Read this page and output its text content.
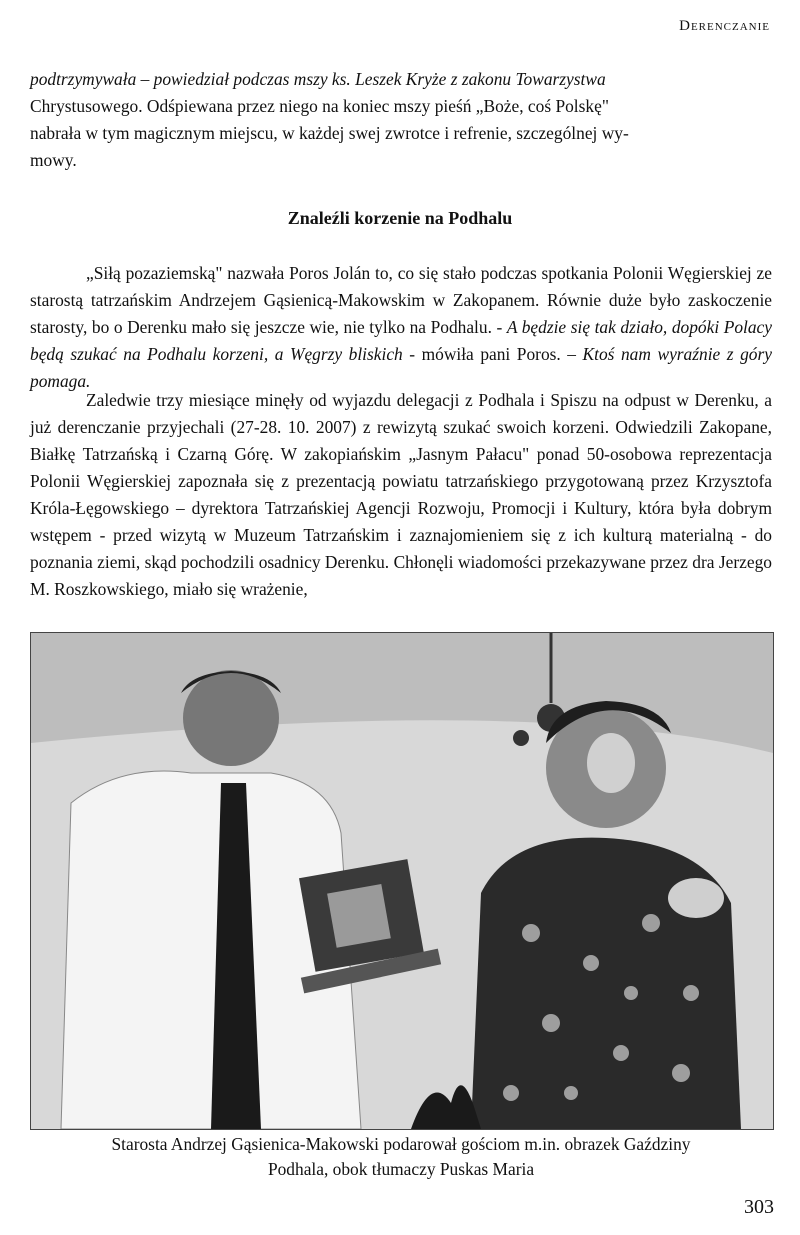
Derenczanie
podtrzymywała – powiedział podczas mszy ks. Leszek Kryże z zakonu Towarzystwa
Chrystusowego. Odśpiewana przez niego na koniec mszy pieśń „Boże, coś Polskę"
nabrała w tym magicznym miejscu, w każdej swej zwrotce i refrenie, szczególnej wy-
mowy.
Znaleźli korzenie na Podhalu
„Siłą pozaziemską" nazwała Poros Jolán to, co się stało podczas spotkania Polonii Węgierskiej ze starostą tatrzańskim Andrzejem Gąsienicą-Makowskim w Zakopanem. Równie duże było zaskoczenie starosty, bo o Derenku mało się jeszcze wie, nie tylko na Podhalu. - A będzie się tak działo, dopóki Polacy będą szukać na Podhalu korzeni, a Węgrzy bliskich - mówiła pani Poros. – Ktoś nam wyraźnie z góry pomaga.
Zaledwie trzy miesiące minęły od wyjazdu delegacji z Podhala i Spiszu na odpust w Derenku, a już derenczanie przyjechali (27-28. 10. 2007) z rewizytą szukać swoich korzeni. Odwiedzili Zakopane, Białkę Tatrzańską i Czarną Górę. W zakopiańskim „Jasnym Pałacu" ponad 50-osobowa reprezentacja Polonii Węgierskiej zapoznała się z prezentacją powiatu tatrzańskiego przygotowaną przez Krzysztofa Króla-Łęgowskiego – dyrektora Tatrzańskiej Agencji Rozwoju, Promocji i Kultury, która była dobrym wstępem - przed wizytą w Muzeum Tatrzańskim i zaznajomieniem się z ich kulturą materialną - do poznania ziemi, skąd pochodzili osadnicy Derenku. Chłonęli wiadomości przekazywane przez dra Jerzego M. Roszkowskiego, miało się wrażenie,
Starosta Andrzej Gąsienica-Makowski podarował gościom m.in. obrazek Gaździny
Podhala, obok tłumaczy Puskas Maria
303
